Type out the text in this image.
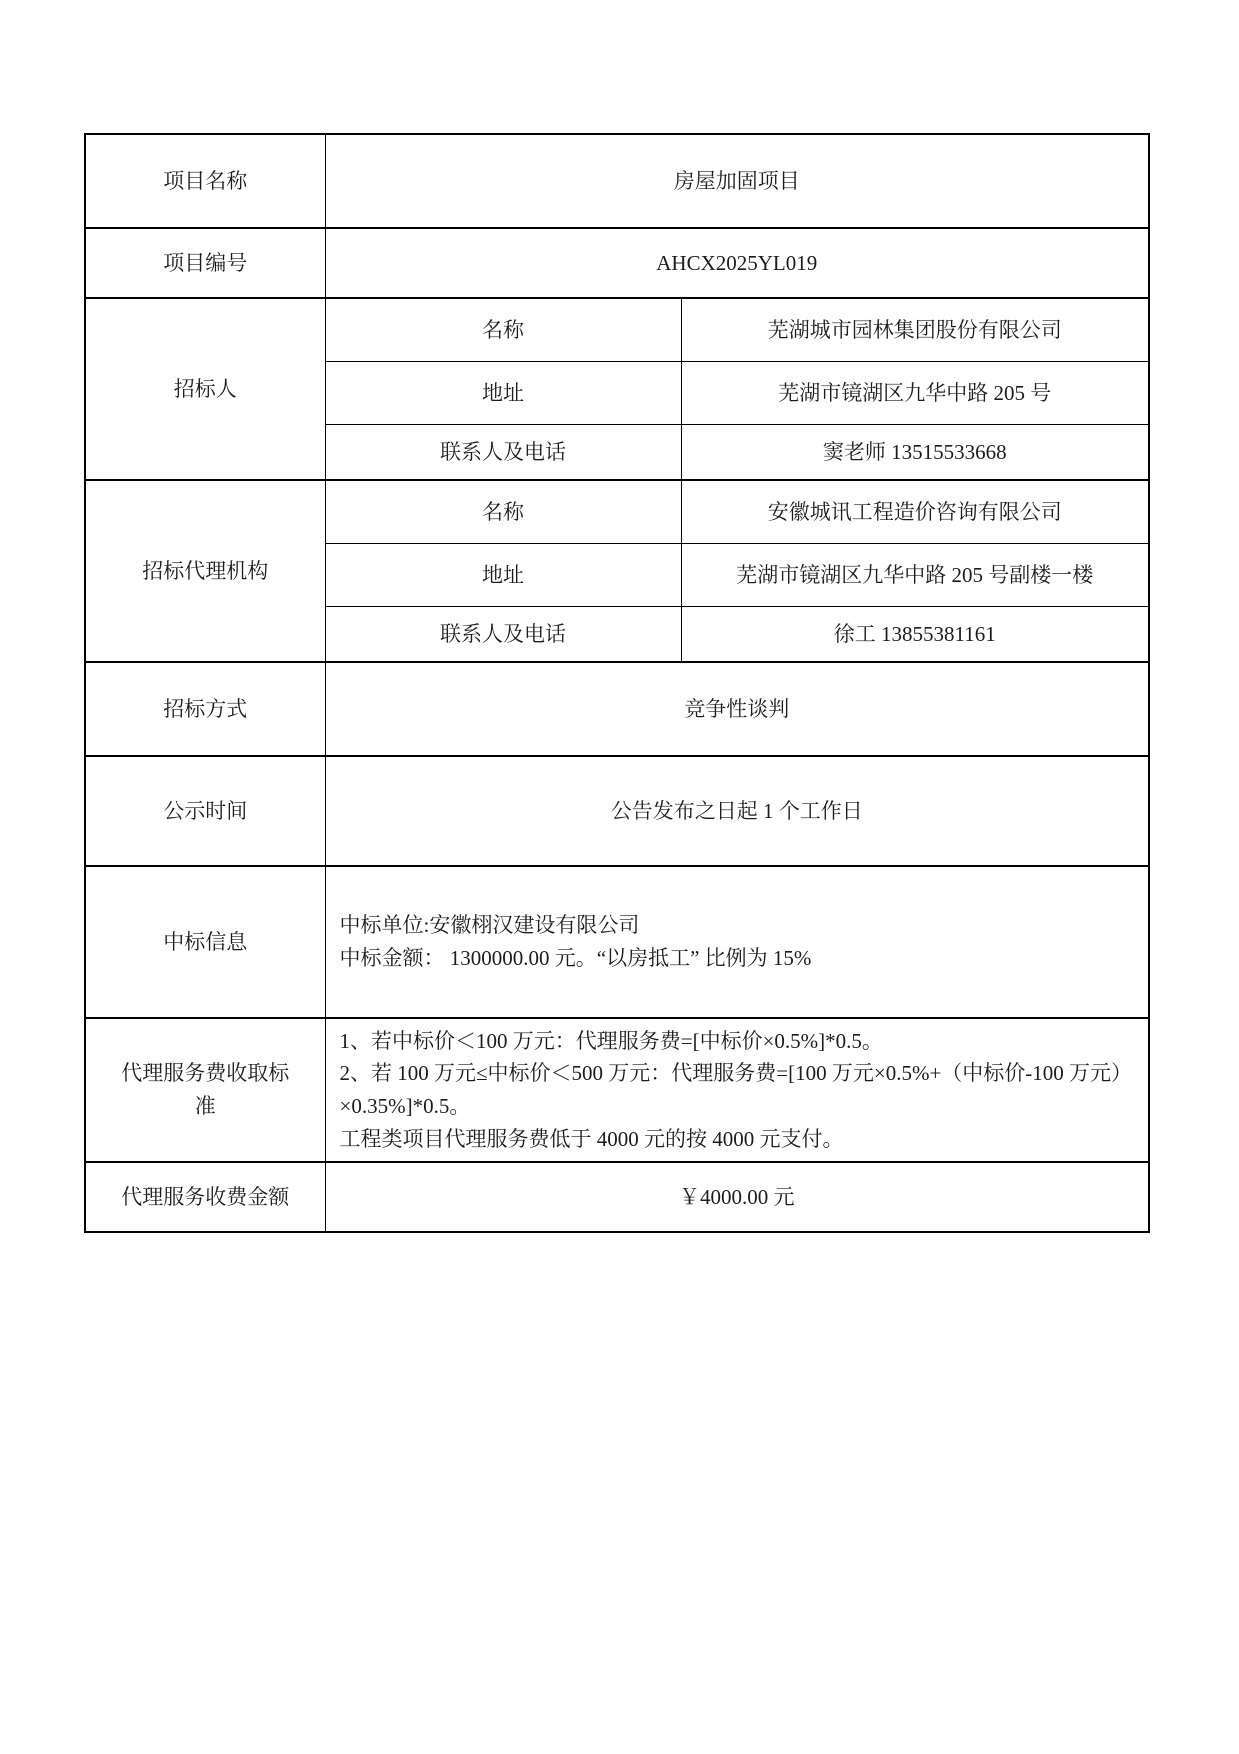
项目名称	房屋加固项目	
项目编号	AHCX2025YL019	
招标人	名称	芜湖城市园林集团股份有限公司
	地址	芜湖市镜湖区九华中路 205 号
	联系人及电话	窦老师 13515533668
招标代理机构	名称	安徽城讯工程造价咨询有限公司
	地址	芜湖市镜湖区九华中路 205 号副楼一楼
	联系人及电话	徐工 13855381161
招标方式	竞争性谈判	
公示时间	公告发布之日起 1 个工作日	
中标信息	中标单位:安徽栩汉建设有限公司
中标金额： 1300000.00 元。“以房抵工” 比例为 15%	

代理服务费收取标准	1、若中标价＜100 万元：代理服务费=[中标价×0.5%]*0.5。
2、若 100 万元≤中标价＜500 万元：代理服务费=[100 万元×0.5%+（中标价-100 万元）×0.35%]*0.5。
工程类项目代理服务费低于 4000 元的按 4000 元支付。	

代理服务收费金额	￥4000.00 元	
